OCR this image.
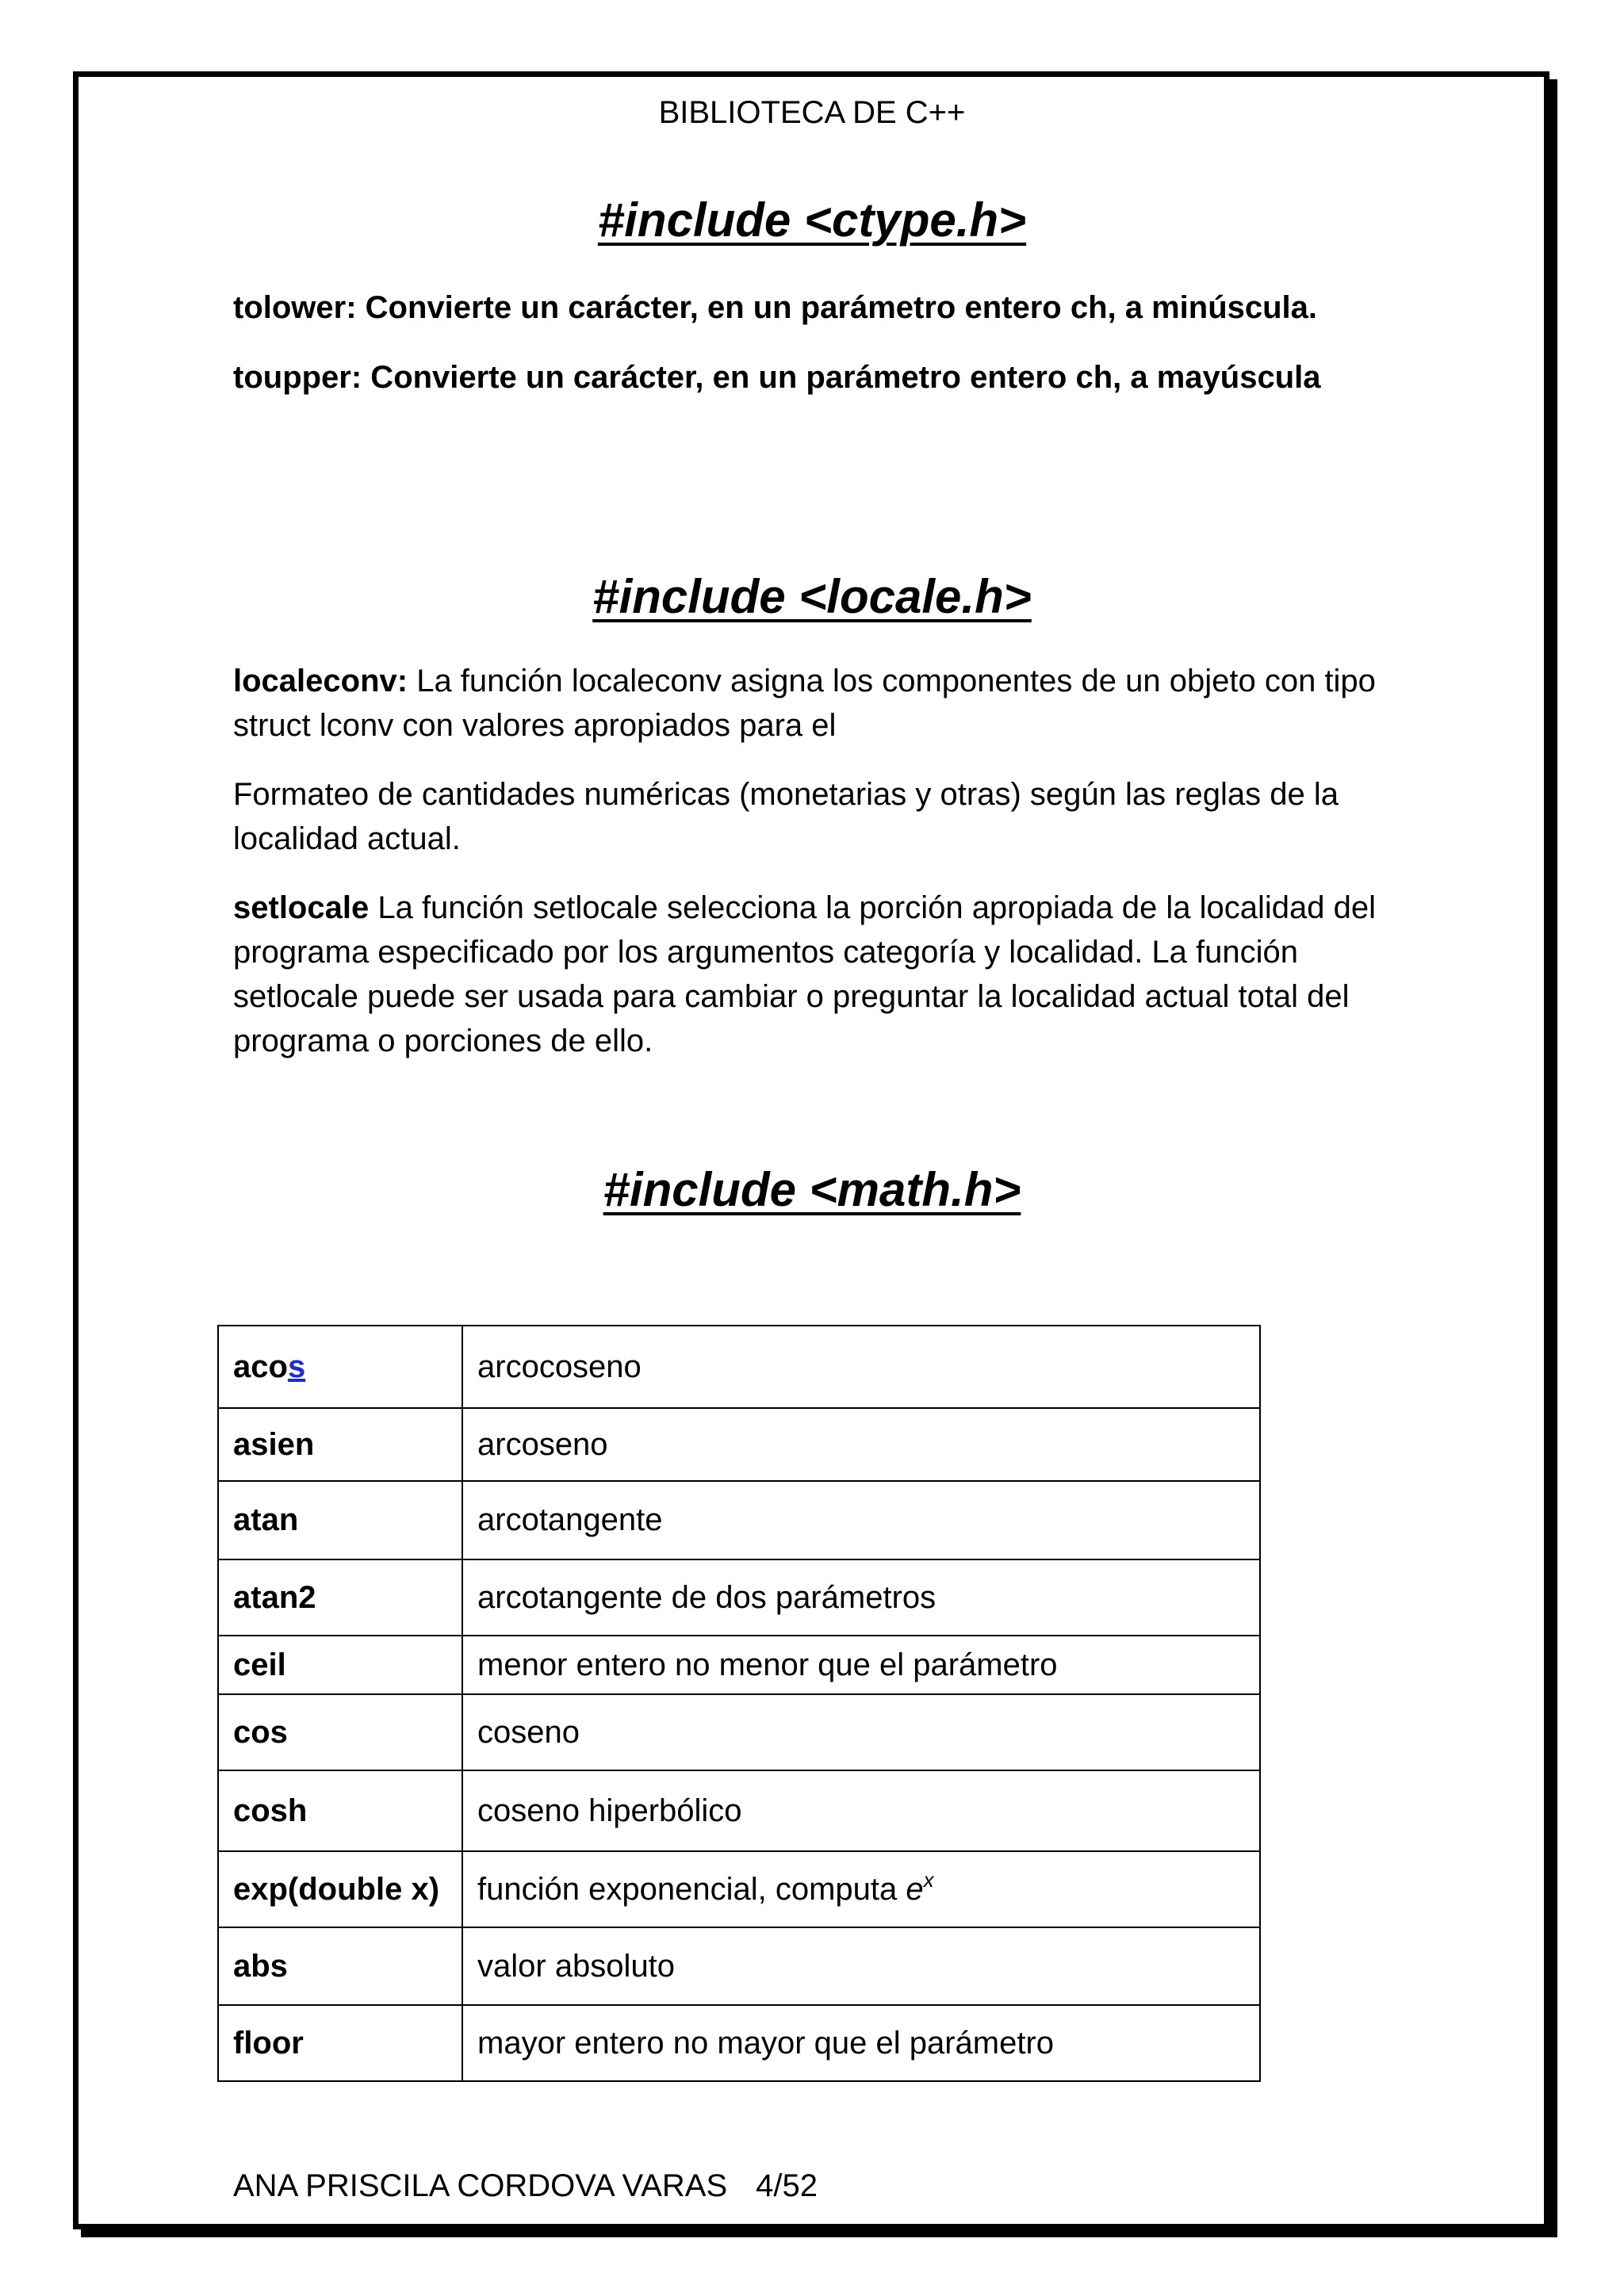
BIBLIOTECA DE C++
#include <ctype.h>

tolower: Convierte un carácter, en un parámetro entero ch, a minúscula.

toupper: Convierte un carácter, en un parámetro entero ch, a mayúscula

#include <locale.h>

localeconv: La función localeconv asigna los componentes de un objeto con tipo struct lconv con valores apropiados para el

Formateo de cantidades numéricas (monetarias y otras) según las reglas de la localidad actual.

setlocale La función setlocale selecciona la porción apropiada de la localidad del programa especificado por los argumentos categoría y localidad. La función setlocale puede ser usada para cambiar o preguntar la localidad actual total del programa o porciones de ello.

#include <math.h>
acos	arcocoseno
asien	arcoseno
atan	arcotangente
atan2	arcotangente de dos parámetros
ceil	menor entero no menor que el parámetro
cos	coseno
cosh	coseno hiperbólico
exp(double x)	función exponencial, computa $e^x$
abs	valor absoluto
floor	mayor entero no mayor que el parámetro
ANA PRISCILA CORDOVA VARAS 4/52
